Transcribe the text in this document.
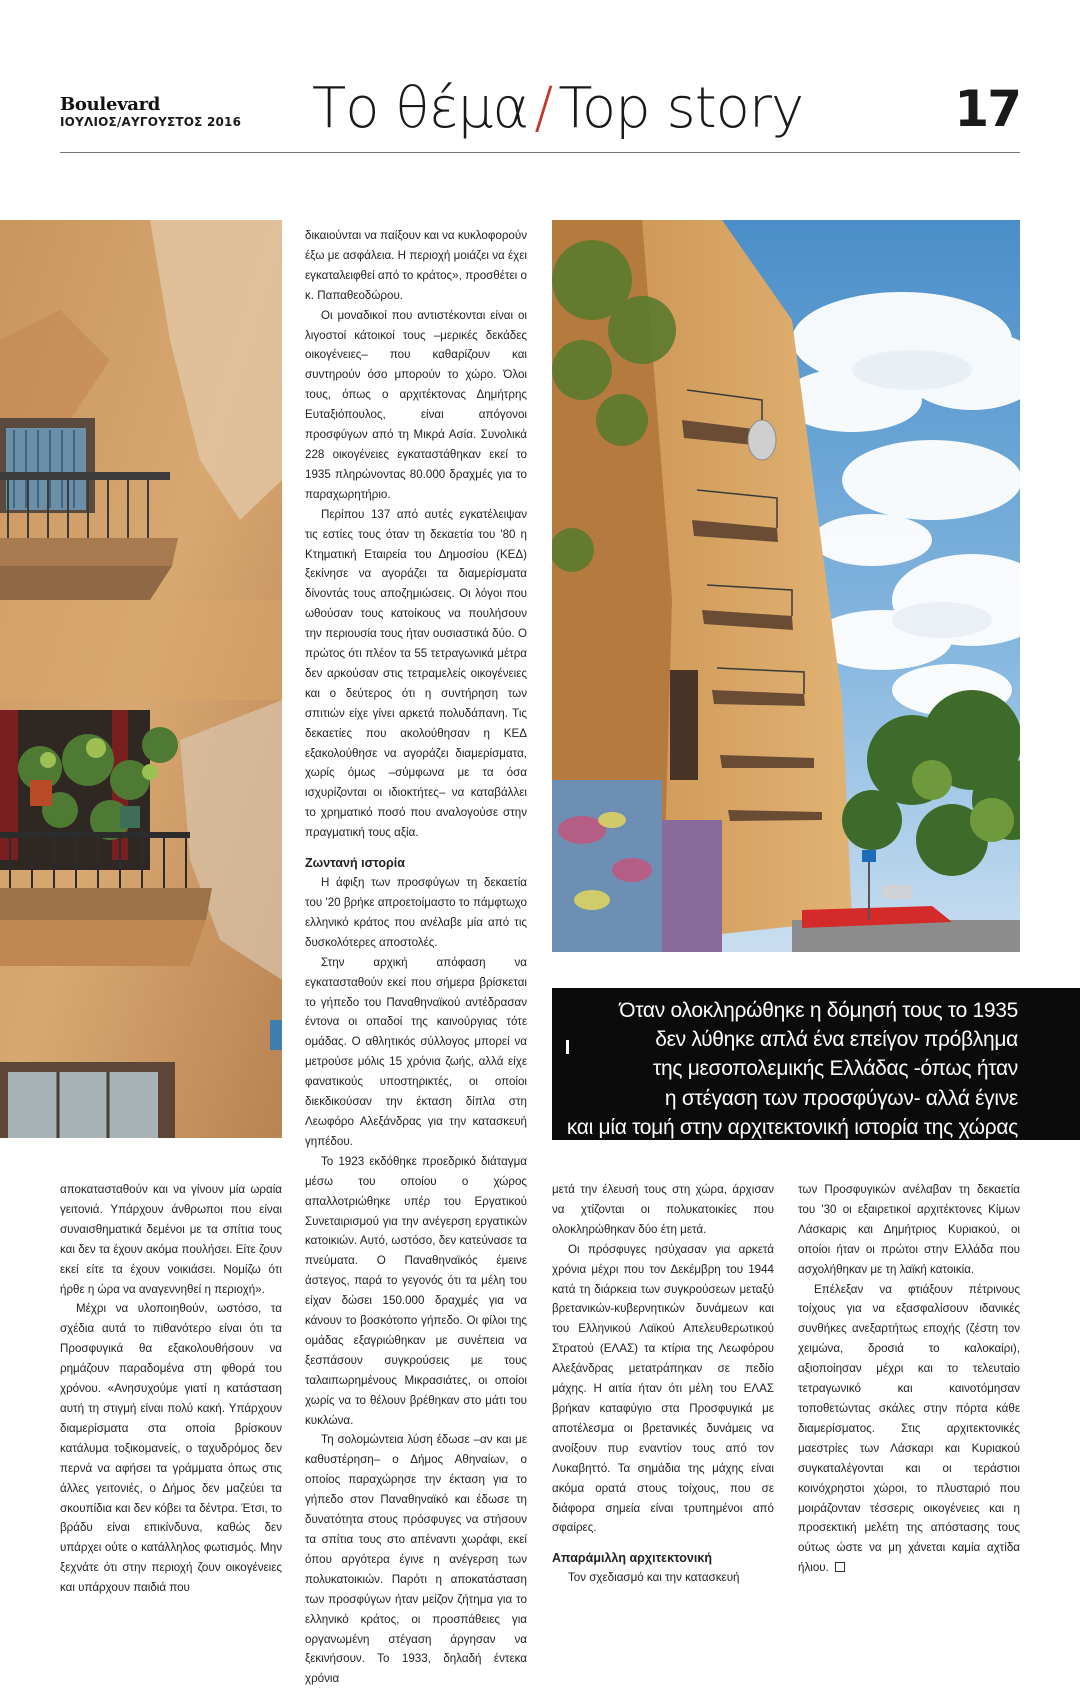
Boulevard
ΙΟΥΛΙΟΣ/ΑΥΓΟΥΣΤΟΣ 2016 Το θέμα / Top story	17

δικαιούνται να παίξουν και να κυκλοφορούν έξω με ασφάλεια. Η περιοχή μοιάζει να έχει εγκαταλειφθεί από το κράτος», προσθέτει ο κ. Παπαθεοδώρου.

Οι μοναδικοί που αντιστέκονται είναι οι λιγοστοί κάτοικοί τους –μερικές δεκάδες οικογένειες– που καθαρίζουν και συντηρούν όσο μπορούν το χώρο. Όλοι τους, όπως ο αρχιτέκτονας Δημήτρης Ευταξιόπουλος, είναι απόγονοι προσφύγων από τη Μικρά Ασία. Συνολικά 228 οικογένειες εγκαταστάθηκαν εκεί το 1935 πληρώνοντας 80.000 δραχμές για το παραχωρητήριο.

Περίπου 137 από αυτές εγκατέλειψαν τις εστίες τους όταν τη δεκαετία του '80 η Κτηματική Εταιρεία του Δημοσίου (ΚΕΔ) ξεκίνησε να αγοράζει τα διαμερίσματα δίνοντάς τους αποζημιώσεις. Οι λόγοι που ωθούσαν τους κατοίκους να πουλήσουν την περιουσία τους ήταν ουσιαστικά δύο. Ο πρώτος ότι πλέον τα 55 τετραγωνικά μέτρα δεν αρκούσαν στις τετραμελείς οικογένειες και ο δεύτερος ότι η συντήρηση των σπιτιών είχε γίνει αρκετά πολυδάπανη. Τις δεκαετίες που ακολούθησαν η ΚΕΔ εξακολούθησε να αγοράζει διαμερίσματα, χωρίς όμως –σύμφωνα με τα όσα ισχυρίζονται οι ιδιοκτήτες– να καταβάλλει το χρηματικό ποσό που αναλογούσε στην πραγματική τους αξία.

Ζωντανή ιστορία

Η άφιξη των προσφύγων τη δεκαετία του '20 βρήκε απροετοίμαστο το πάμφτωχο ελληνικό κράτος που ανέλαβε μία από τις δυσκολότερες αποστολές.

Στην αρχική απόφαση να εγκατασταθούν εκεί που σήμερα βρίσκεται το γήπεδο του Παναθηναϊκού αντέδρασαν έντονα οι οπαδοί της καινούργιας τότε ομάδας. Ο αθλητικός σύλλογος μπορεί να μετρούσε μόλις 15 χρόνια ζωής, αλλά είχε φανατικούς υποστηρικτές, οι οποίοι διεκδικούσαν την έκταση δίπλα στη Λεωφόρο Αλεξάνδρας για την κατασκευή γηπέδου.

Το 1923 εκδόθηκε προεδρικό διάταγμα μέσω του οποίου ο χώρος απαλλοτριώθηκε υπέρ του Εργατικού Συνεταιρισμού για την ανέγερση εργατικών κατοικιών. Αυτό, ωστόσο, δεν κατεύνασε τα πνεύματα. Ο Παναθηναϊκός έμεινε άστεγος, παρά το γεγονός ότι τα μέλη του είχαν δώσει 150.000 δραχμές για να κάνουν το βοσκότοπο γήπεδο. Οι φίλοι της ομάδας εξαγριώθηκαν με συνέπεια να ξεσπάσουν συγκρούσεις με τους ταλαιπωρημένους Μικρασιάτες, οι οποίοι χωρίς να το θέλουν βρέθηκαν στο μάτι του κυκλώνα.

Τη σολομώντεια λύση έδωσε –αν και με καθυστέρηση– ο Δήμος Αθηναίων, ο οποίος παραχώρησε την έκταση για το γήπεδο στον Παναθηναϊκό και έδωσε τη δυνατότητα στους πρόσφυγες να στήσουν τα σπίτια τους στο απέναντι χωράφι, εκεί όπου αργότερα έγινε η ανέγερση των πολυκατοικιών. Παρότι η αποκατάσταση των προσφύγων ήταν μείζον ζήτημα για το ελληνικό κράτος, οι προσπάθειες για οργανωμένη στέγαση άργησαν να ξεκινήσουν. Το 1933, δηλαδή έντεκα χρόνια

αποκατασταθούν και να γίνουν μία ωραία γειτονιά. Υπάρχουν άνθρωποι που είναι συναισθηματικά δεμένοι με τα σπίτια τους και δεν τα έχουν ακόμα πουλήσει. Είτε ζουν εκεί είτε τα έχουν νοικιάσει. Νομίζω ότι ήρθε η ώρα να αναγεννηθεί η περιοχή».

Μέχρι να υλοποιηθούν, ωστόσο, τα σχέδια αυτά το πιθανότερο είναι ότι τα Προσφυγικά θα εξακολουθήσουν να ρημάζουν παραδομένα στη φθορά του χρόνου. «Ανησυχούμε γιατί η κατάσταση αυτή τη στιγμή είναι πολύ κακή. Υπάρχουν διαμερίσματα στα οποία βρίσκουν κατάλυμα τοξικομανείς, ο ταχυδρόμος δεν περνά να αφήσει τα γράμματα όπως στις άλλες γειτονιές, ο Δήμος δεν μαζεύει τα σκουπίδια και δεν κόβει τα δέντρα. Έτσι, το βράδυ είναι επικίνδυνα, καθώς δεν υπάρχει ούτε ο κατάλληλος φωτισμός. Μην ξεχνάτε ότι στην περιοχή ζουν οικογένειες και υπάρχουν παιδιά που

Όταν ολοκληρώθηκε η δόμησή τους το 1935
δεν λύθηκε απλά ένα επείγον πρόβλημα
της μεσοπολεμικής Ελλάδας -όπως ήταν
η στέγαση των προσφύγων- αλλά έγινε
και μία τομή στην αρχιτεκτονική ιστορία της χώρας

μετά την έλευσή τους στη χώρα, άρχισαν να χτίζονται οι πολυκατοικίες που ολοκληρώθηκαν δύο έτη μετά.

Οι πρόσφυγες ησύχασαν για αρκετά χρόνια μέχρι που τον Δεκέμβρη του 1944 κατά τη διάρκεια των συγκρούσεων μεταξύ βρετανικών-κυβερνητικών δυνάμεων και του Ελληνικού Λαϊκού Απελευθερωτικού Στρατού (ΕΛΑΣ) τα κτίρια της Λεωφόρου Αλεξάνδρας μετατράπηκαν σε πεδίο μάχης. Η αιτία ήταν ότι μέλη του ΕΛΑΣ βρήκαν καταφύγιο στα Προσφυγικά με αποτέλεσμα οι βρετανικές δυνάμεις να ανοίξουν πυρ εναντίον τους από τον Λυκαβηττό. Τα σημάδια της μάχης είναι ακόμα ορατά στους τοίχους, που σε διάφορα σημεία είναι τρυπημένοι από σφαίρες.

Απαράμιλλη αρχιτεκτονική

Τον σχεδιασμό και την κατασκευή

των Προσφυγικών ανέλαβαν τη δεκαετία του '30 οι εξαιρετικοί αρχιτέκτονες Κίμων Λάσκαρις και Δημήτριος Κυριακού, οι οποίοι ήταν οι πρώτοι στην Ελλάδα που ασχολήθηκαν με τη λαϊκή κατοικία.

Επέλεξαν να φτιάξουν πέτρινους τοίχους για να εξασφαλίσουν ιδανικές συνθήκες ανεξαρτήτως εποχής (ζέστη τον χειμώνα, δροσιά το καλοκαίρι), αξιοποίησαν μέχρι και το τελευταίο τετραγωνικό και καινοτόμησαν τοποθετώντας σκάλες στην πόρτα κάθε διαμερίσματος. Στις αρχιτεκτονικές μαεστρίες των Λάσκαρι και Κυριακού συγκαταλέγονται και οι τεράστιοι κοινόχρηστοι χώροι, το πλυσταριό που μοιράζονταν τέσσερις οικογένειες και η προσεκτική μελέτη της απόστασης τους ούτως ώστε να μη χάνεται καμία αχτίδα ήλιου.
